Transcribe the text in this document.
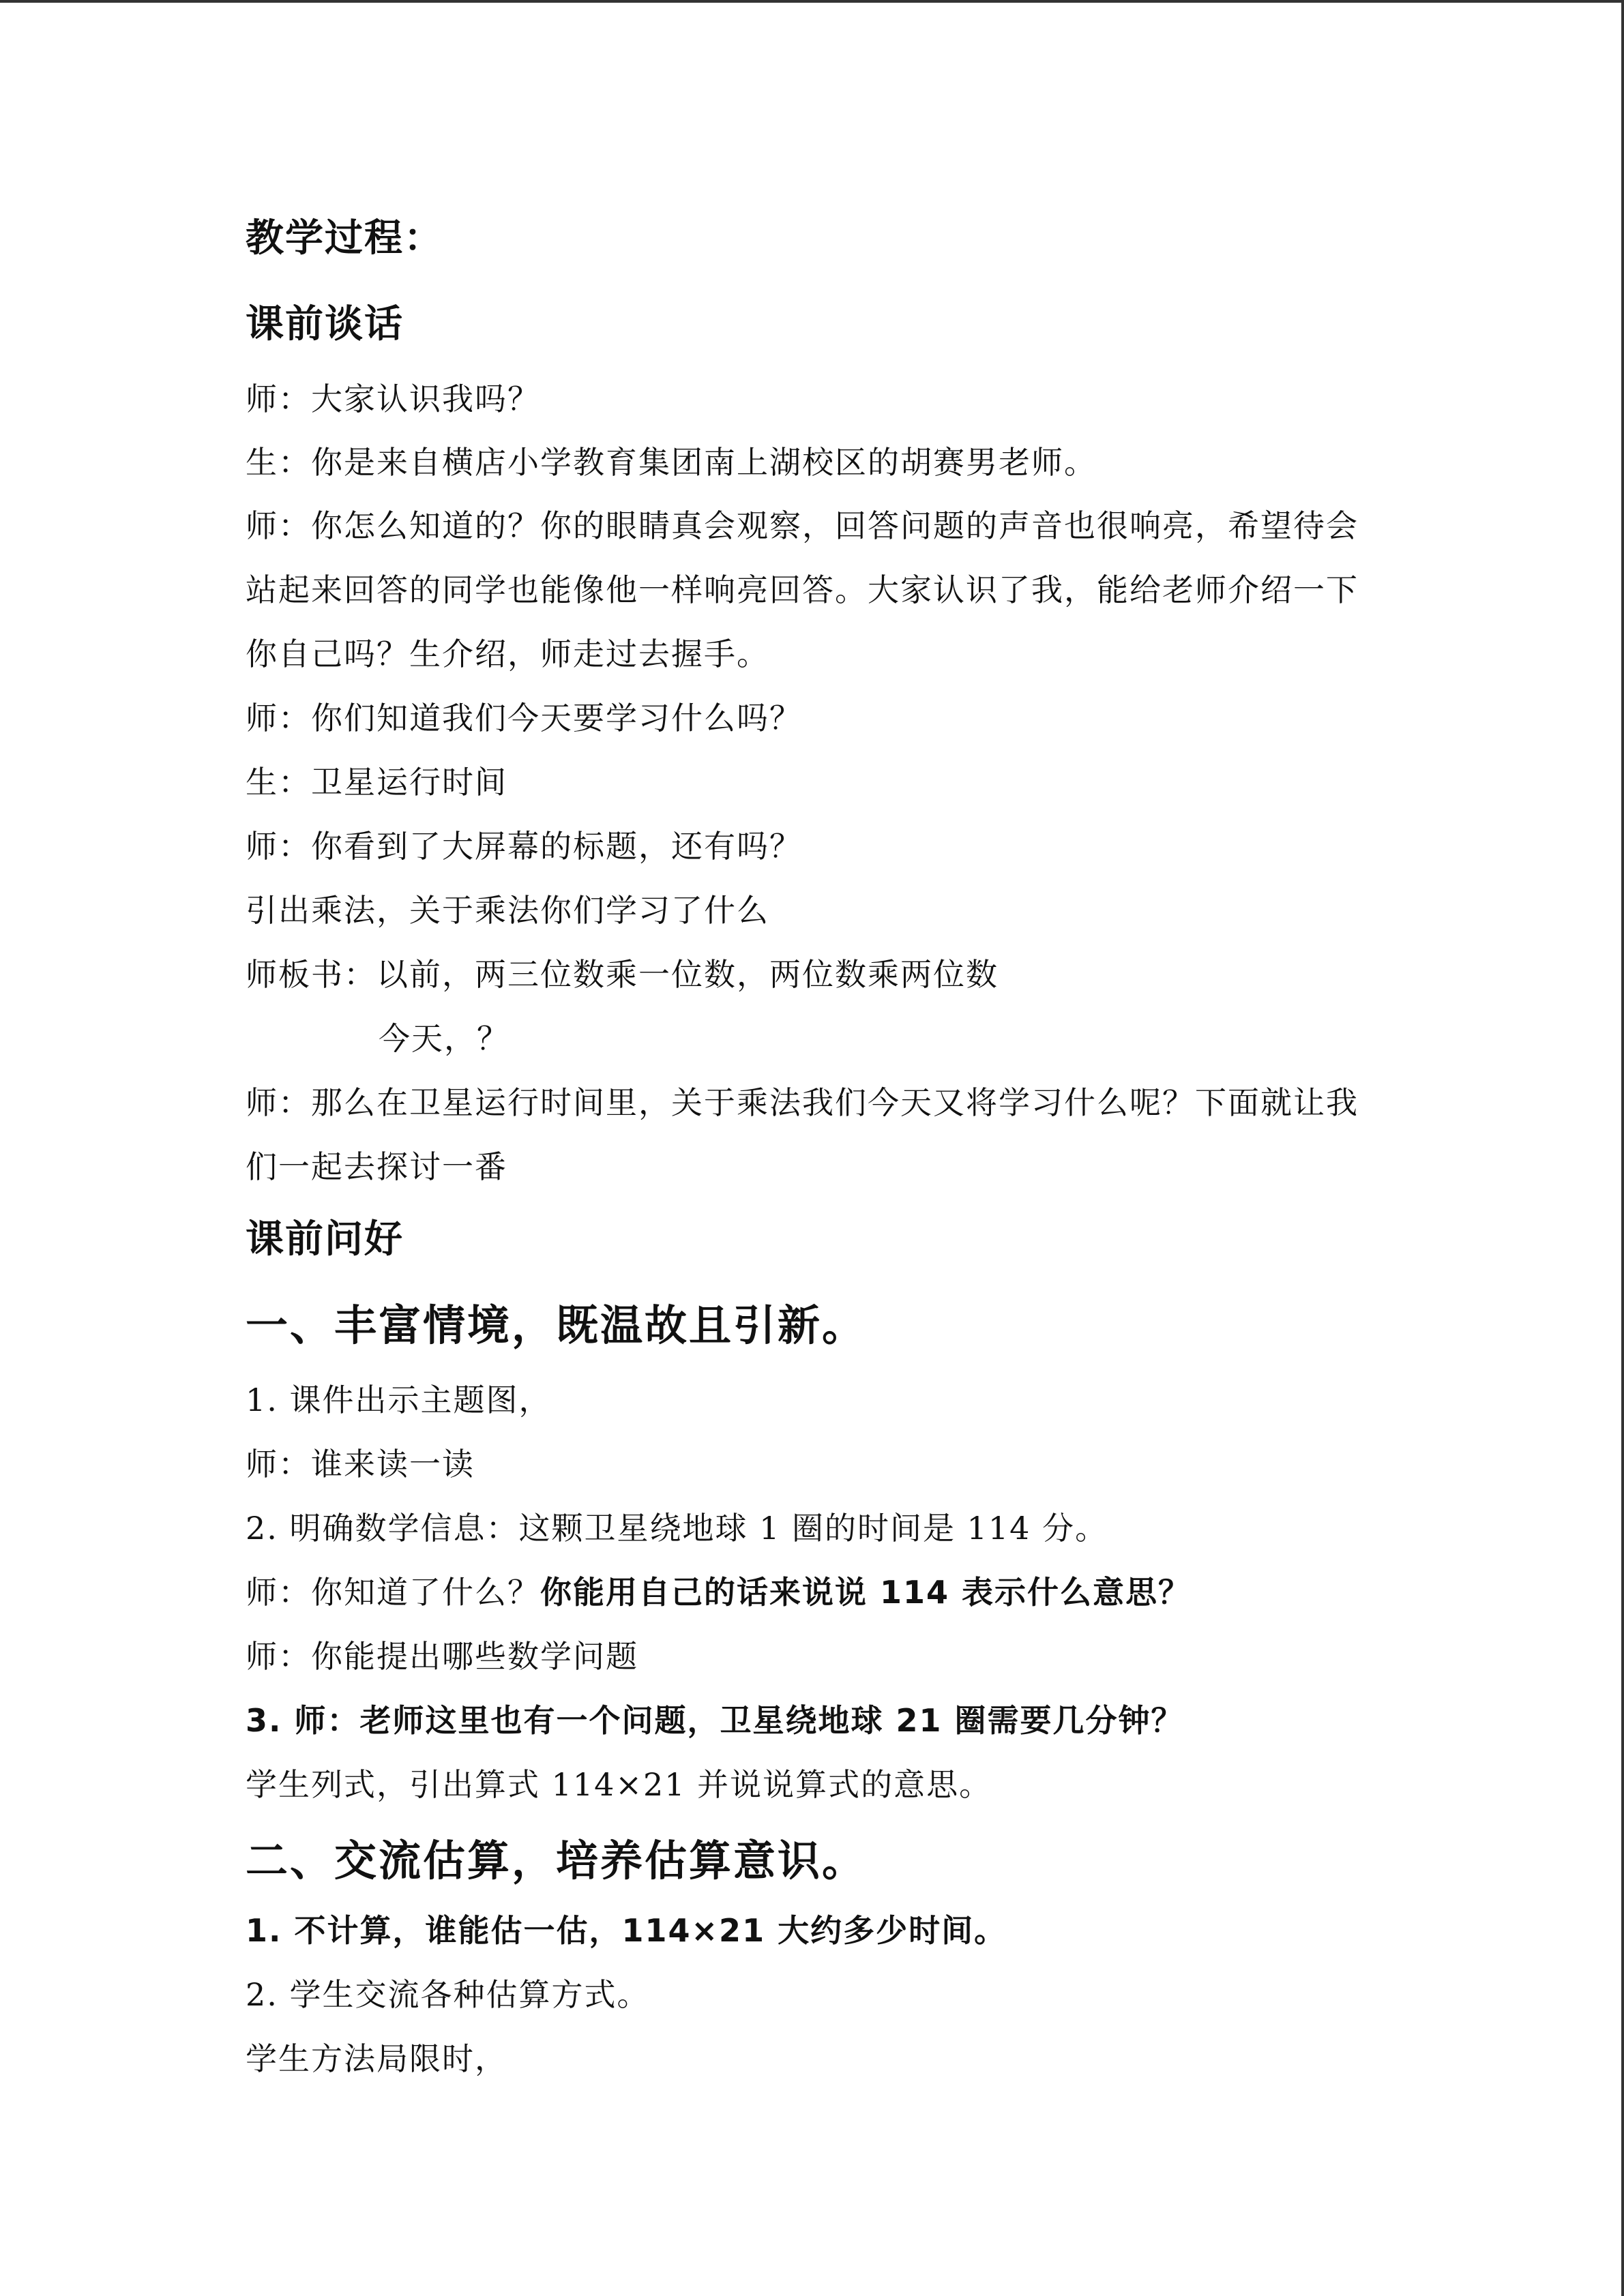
教学过程：
课前谈话
师：大家认识我吗？
生：你是来自横店小学教育集团南上湖校区的胡赛男老师。
师：你怎么知道的？你的眼睛真会观察，回答问题的声音也很响亮，希望待会
站起来回答的同学也能像他一样响亮回答。大家认识了我，能给老师介绍一下
你自己吗？生介绍，师走过去握手。
师：你们知道我们今天要学习什么吗？
生：卫星运行时间
师：你看到了大屏幕的标题，还有吗？
引出乘法，关于乘法你们学习了什么
师板书：以前，两三位数乘一位数，两位数乘两位数
今天，？
师：那么在卫星运行时间里，关于乘法我们今天又将学习什么呢？下面就让我
们一起去探讨一番
课前问好
一、丰富情境，既温故且引新。
1. 课件出示主题图，
师：谁来读一读
2. 明确数学信息：这颗卫星绕地球 1 圈的时间是 114 分。
师：你知道了什么？你能用自己的话来说说 114 表示什么意思？
师：你能提出哪些数学问题
3. 师：老师这里也有一个问题，卫星绕地球 21 圈需要几分钟？
学生列式，引出算式 114×21 并说说算式的意思。
二、交流估算，培养估算意识。
1. 不计算，谁能估一估，114×21 大约多少时间。
2. 学生交流各种估算方式。
学生方法局限时，
